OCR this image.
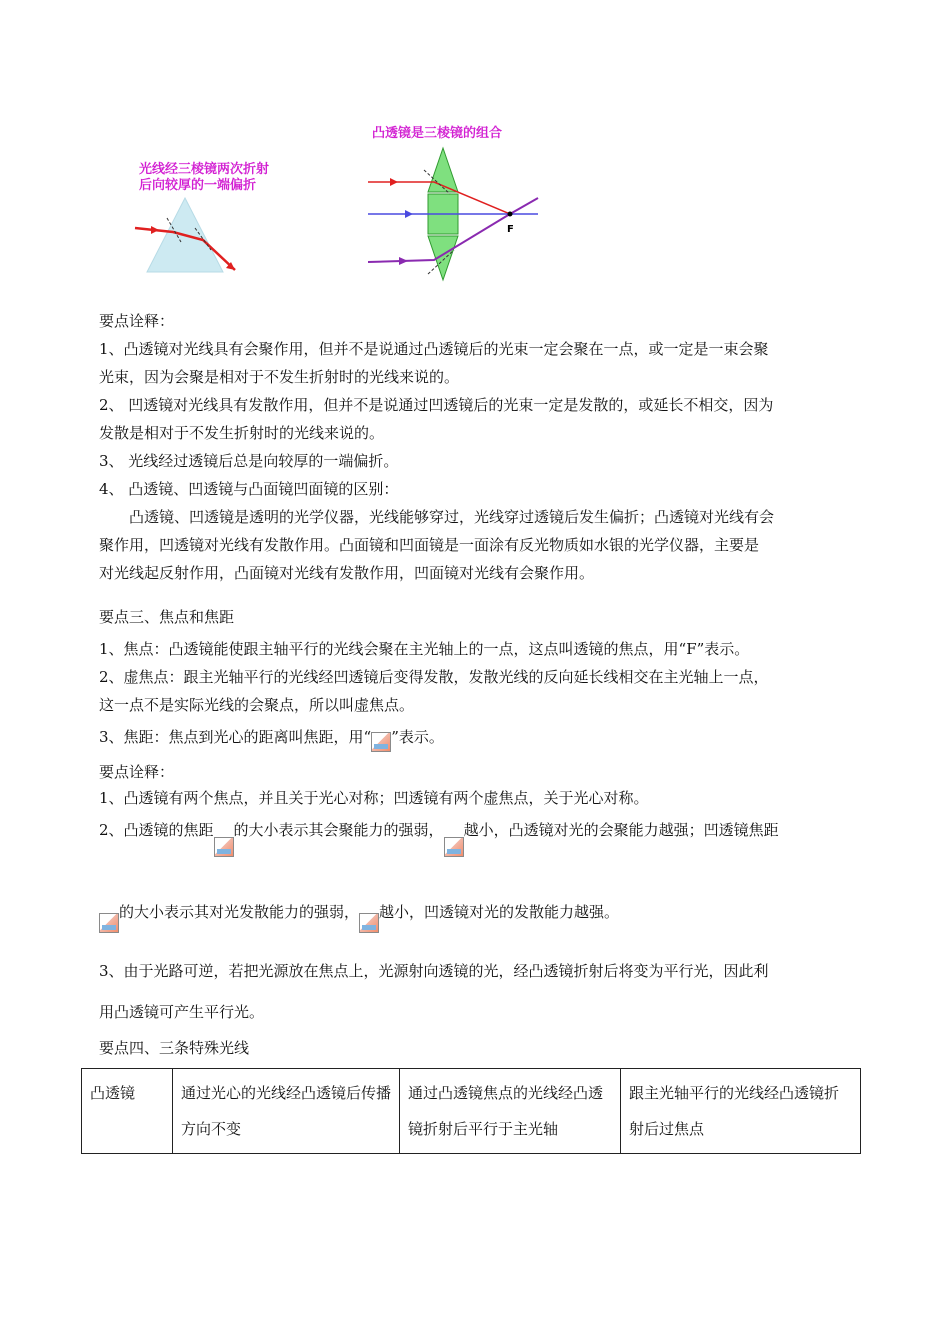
光线经三棱镜两次折射
后向较厚的一端偏折
凸透镜是三棱镜的组合
F
要点诠释：
1、凸透镜对光线具有会聚作用，但并不是说通过凸透镜后的光束一定会聚在一点，或一定是一束会聚
光束，因为会聚是相对于不发生折射时的光线来说的。
2、 凹透镜对光线具有发散作用，但并不是说通过凹透镜后的光束一定是发散的，或延长不相交，因为
发散是相对于不发生折射时的光线来说的。
3、 光线经过透镜后总是向较厚的一端偏折。
4、 凸透镜、凹透镜与凸面镜凹面镜的区别：
凸透镜、凹透镜是透明的光学仪器，光线能够穿过，光线穿过透镜后发生偏折；凸透镜对光线有会
聚作用，凹透镜对光线有发散作用。凸面镜和凹面镜是一面涂有反光物质如水银的光学仪器，主要是
对光线起反射作用，凸面镜对光线有发散作用，凹面镜对光线有会聚作用。
要点三、焦点和焦距
1、焦点：凸透镜能使跟主轴平行的光线会聚在主光轴上的一点，这点叫透镜的焦点，用“F”表示。
2、虚焦点：跟主光轴平行的光线经凹透镜后变得发散，发散光线的反向延长线相交在主光轴上一点，
这一点不是实际光线的会聚点，所以叫虚焦点。
3、焦距：焦点到光心的距离叫焦距，用“ ”表示。
要点诠释：
1、凸透镜有两个焦点，并且关于光心对称；凹透镜有两个虚焦点，关于光心对称。
2、凸透镜的焦距 的大小表示其会聚能力的强弱， 越小，凸透镜对光的会聚能力越强；凹透镜焦距
的大小表示其对光发散能力的强弱， 越小，凹透镜对光的发散能力越强。
3、由于光路可逆，若把光源放在焦点上，光源射向透镜的光，经凸透镜折射后将变为平行光，因此利
用凸透镜可产生平行光。
要点四、三条特殊光线
凸透镜	通过光心的光线经凸透镜后传播方向不变	通过凸透镜焦点的光线经凸透镜折射后平行于主光轴	跟主光轴平行的光线经凸透镜折射后过焦点
